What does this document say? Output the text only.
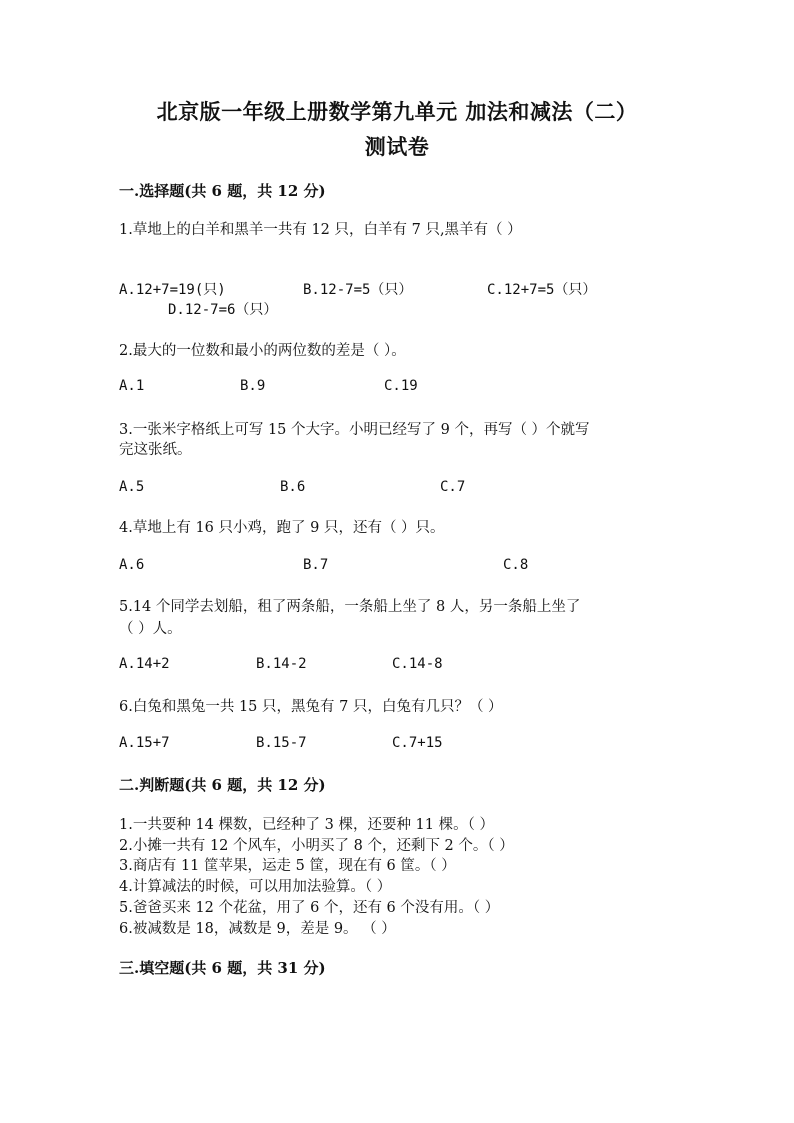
北京版一年级上册数学第九单元 加法和减法（二）
测试卷
一.选择题(共 6 题，共 12 分)
1.草地上的白羊和黑羊一共有 12 只，白羊有 7 只,黑羊有（ ）
A.12+7=19(只)	B.12-7=5（只）	C.12+7=5（只）
D.12-7=6（只）
2.最大的一位数和最小的两位数的差是（ ）。
A.1	B.9	C.19
3.一张米字格纸上可写 15 个大字。小明已经写了 9 个，再写（ ）个就写
完这张纸。
A.5	B.6	C.7
4.草地上有 16 只小鸡，跑了 9 只，还有（ ）只。
A.6	B.7	C.8
5.14 个同学去划船，租了两条船，一条船上坐了 8 人，另一条船上坐了
（ ）人。
A.14+2	B.14-2	C.14-8
6.白兔和黑兔一共 15 只，黑兔有 7 只，白兔有几只？（ ）
A.15+7	B.15-7	C.7+15
二.判断题(共 6 题，共 12 分)
1.一共要种 14 棵数，已经种了 3 棵，还要种 11 棵。（ ）
2.小摊一共有 12 个风车，小明买了 8 个，还剩下 2 个。（ ）
3.商店有 11 筐苹果，运走 5 筐，现在有 6 筐。（ ）
4.计算减法的时候，可以用加法验算。（ ）
5.爸爸买来 12 个花盆，用了 6 个，还有 6 个没有用。（ ）
6.被减数是 18，减数是 9，差是 9。 （ ）
三.填空题(共 6 题，共 31 分)
